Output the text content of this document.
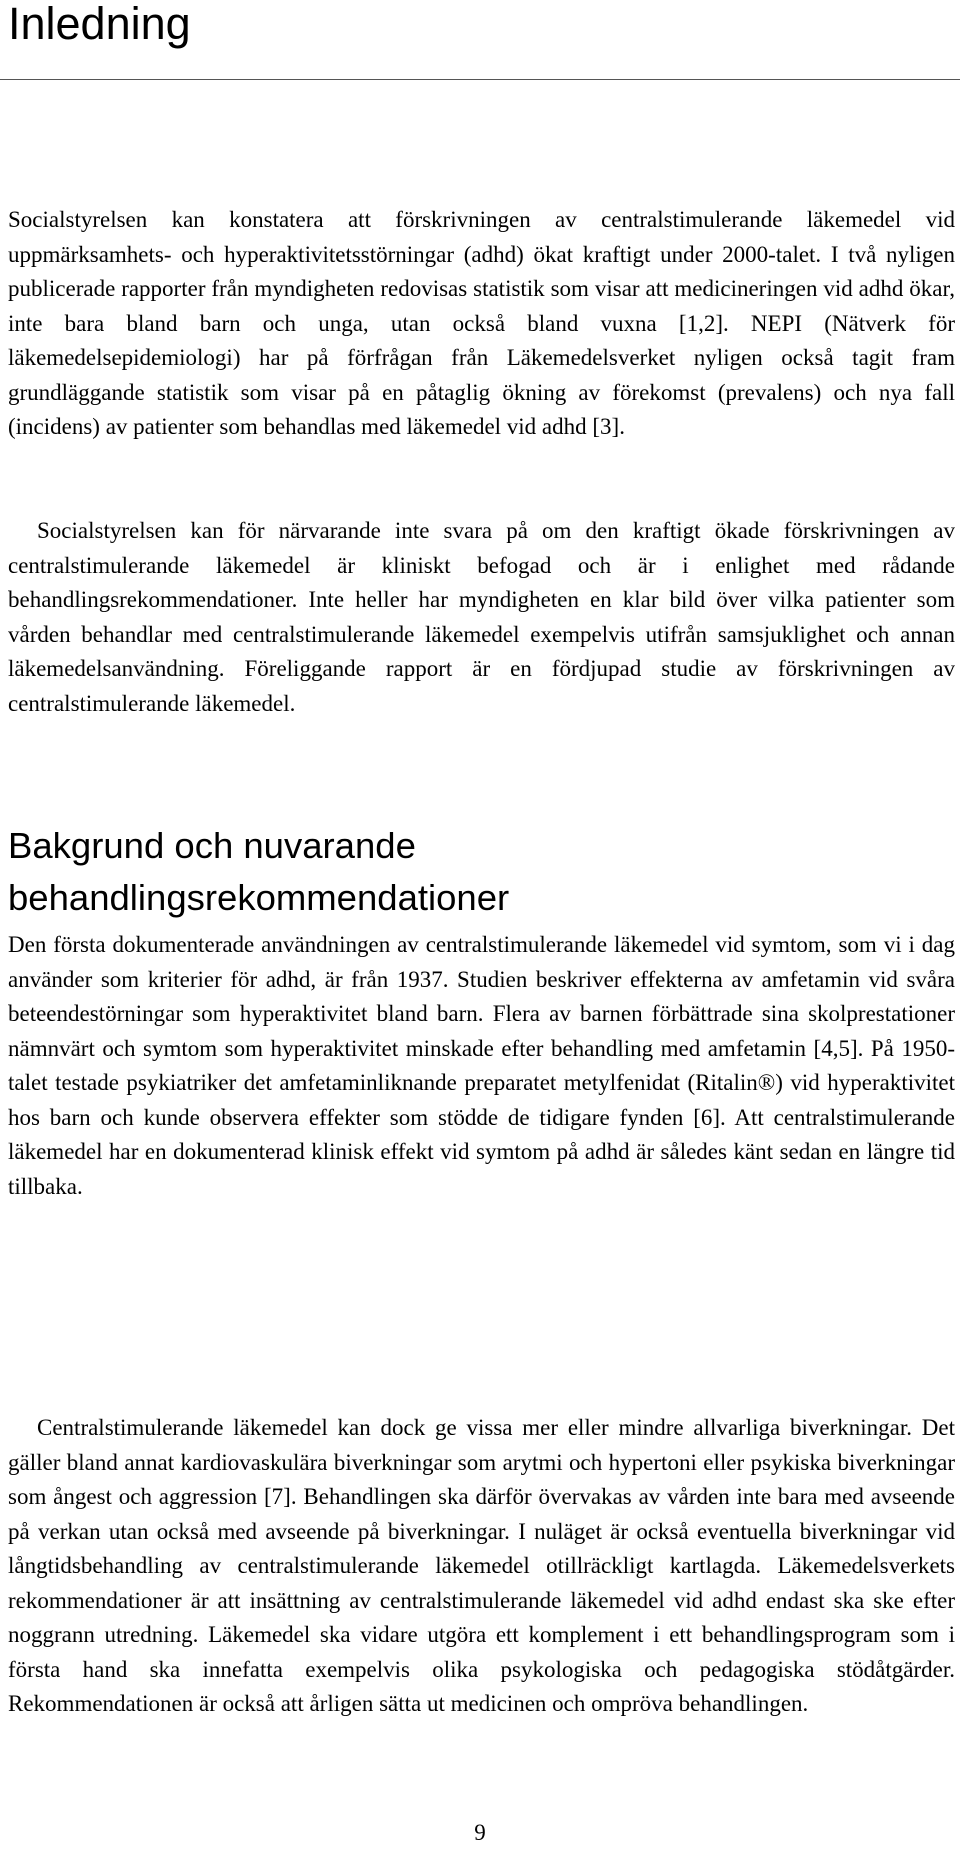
Inledning

Socialstyrelsen kan konstatera att förskrivningen av centralstimulerande läkemedel vid uppmärksamhets- och hyperaktivitetsstörningar (adhd) ökat kraftigt under 2000-talet. I två nyligen publicerade rapporter från myndigheten redovisas statistik som visar att medicineringen vid adhd ökar, inte bara bland barn och unga, utan också bland vuxna [1,2]. NEPI (Nätverk för läkemedelsepidemiologi) har på förfrågan från Läkemedelsverket nyligen också tagit fram grundläggande statistik som visar på en påtaglig ökning av förekomst (prevalens) och nya fall (incidens) av patienter som behandlas med läkemedel vid adhd [3].

Socialstyrelsen kan för närvarande inte svara på om den kraftigt ökade förskrivningen av centralstimulerande läkemedel är kliniskt befogad och är i enlighet med rådande behandlingsrekommendationer. Inte heller har myndigheten en klar bild över vilka patienter som vården behandlar med centralstimulerande läkemedel exempelvis utifrån samsjuklighet och annan läkemedelsanvändning. Föreliggande rapport är en fördjupad studie av förskrivningen av centralstimulerande läkemedel.

Bakgrund och nuvarande
behandlingsrekommendationer

Den första dokumenterade användningen av centralstimulerande läkemedel vid symtom, som vi i dag använder som kriterier för adhd, är från 1937. Studien beskriver effekterna av amfetamin vid svåra beteendestörningar som hyperaktivitet bland barn. Flera av barnen förbättrade sina skolprestationer nämnvärt och symtom som hyperaktivitet minskade efter behandling med amfetamin [4,5]. På 1950-talet testade psykiatriker det amfetaminliknande preparatet metylfenidat (Ritalin®) vid hyperaktivitet hos barn och kunde observera effekter som stödde de tidigare fynden [6]. Att centralstimulerande läkemedel har en dokumenterad klinisk effekt vid symtom på adhd är således känt sedan en längre tid tillbaka.

Centralstimulerande läkemedel kan dock ge vissa mer eller mindre allvarliga biverkningar. Det gäller bland annat kardiovaskulära biverkningar som arytmi och hypertoni eller psykiska biverkningar som ångest och aggression [7]. Behandlingen ska därför övervakas av vården inte bara med avseende på verkan utan också med avseende på biverkningar. I nuläget är också eventuella biverkningar vid långtidsbehandling av centralstimulerande läkemedel otillräckligt kartlagda. Läkemedelsverkets rekommendationer är att insättning av centralstimulerande läkemedel vid adhd endast ska ske efter noggrann utredning. Läkemedel ska vidare utgöra ett komplement i ett behandlingsprogram som i första hand ska innefatta exempelvis olika psykologiska och pedagogiska stödåtgärder. Rekommendationen är också att årligen sätta ut medicinen och ompröva behandlingen.

9
